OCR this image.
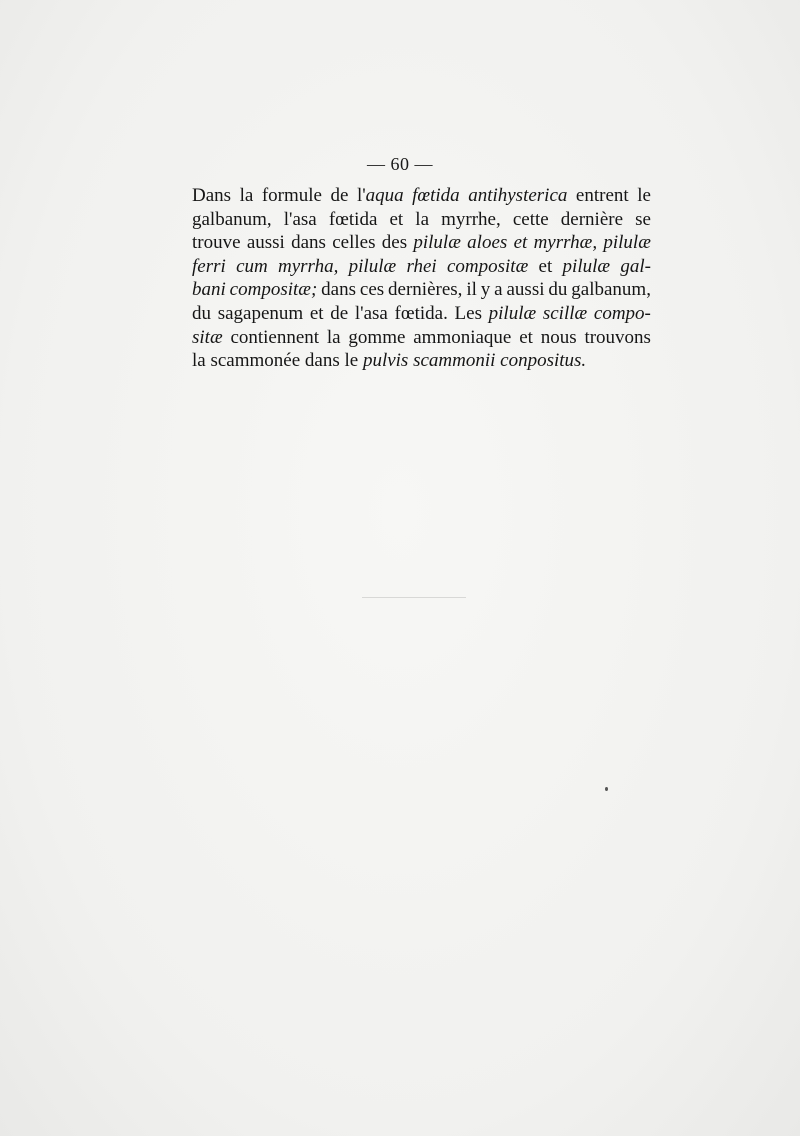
— 60 —
Dans la formule de l'aqua fœtida antihysterica entrent le
galbanum, l'asa fœtida et la myrrhe, cette dernière se
trouve aussi dans celles des pilulæ aloes et myrrhæ, pilulæ
ferri cum myrrha, pilulæ rhei compositæ et pilulæ gal-
bani compositæ; dans ces dernières, il y a aussi du galbanum,
du sagapenum et de l'asa fœtida. Les pilulæ scillæ compo-
sitæ contiennent la gomme ammoniaque et nous trouvons
la scammonée dans le pulvis scammonii conpositus.
